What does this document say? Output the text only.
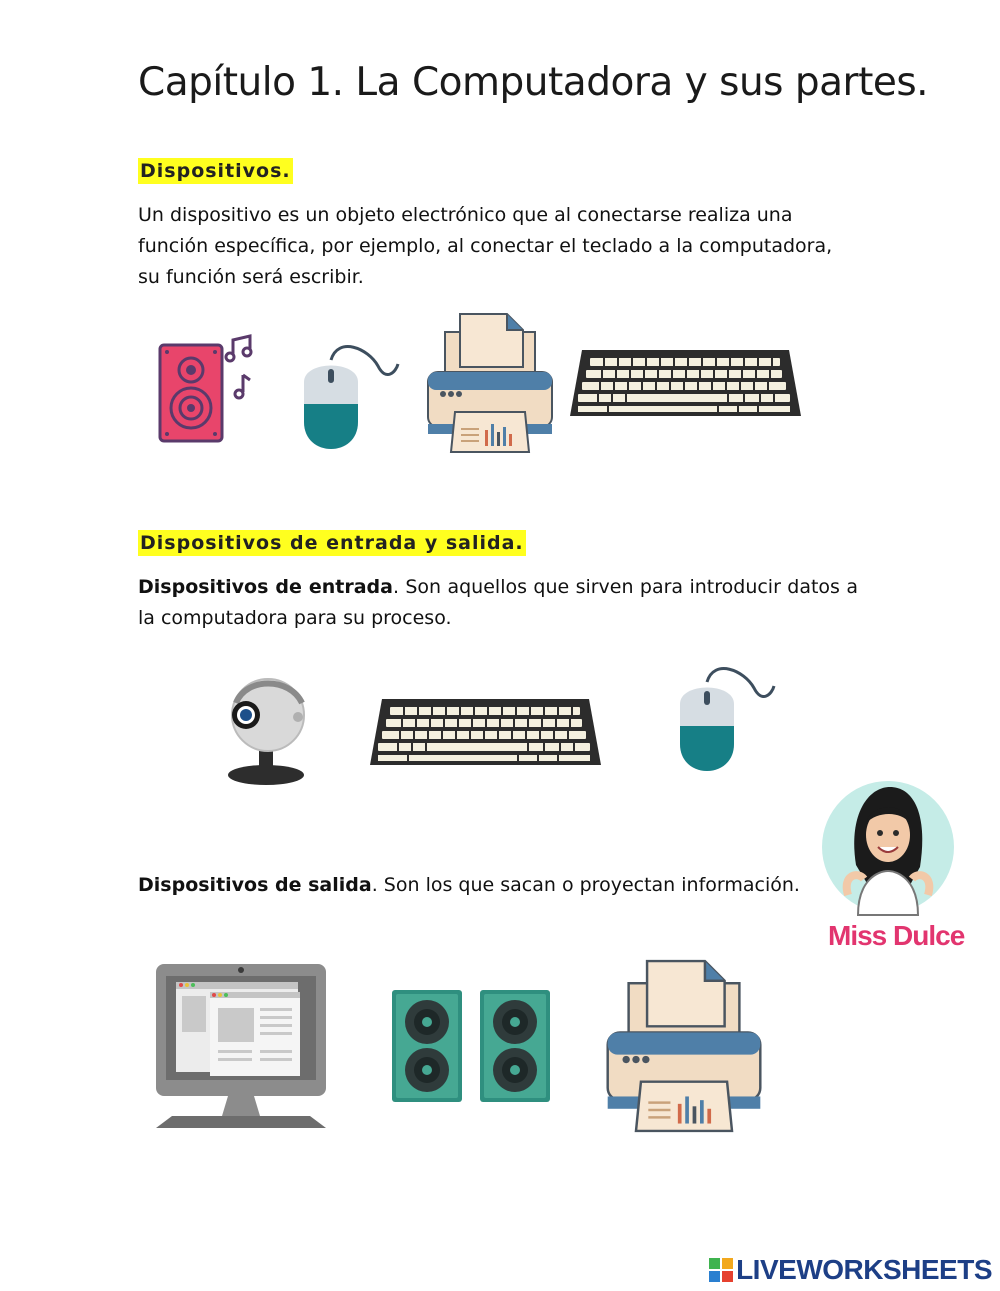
Capítulo 1. La Computadora y sus partes.
Dispositivos.

Un dispositivo es un objeto electrónico que al conectarse realiza una función específica, por ejemplo, al conectar el teclado a la computadora, su función será escribir.

Dispositivos de entrada y salida.

Dispositivos de entrada. Son aquellos que sirven para introducir datos a la computadora para su proceso.

Miss Dulce

Dispositivos de salida. Son los que sacan o proyectan información.

LIVEWORKSHEETS
